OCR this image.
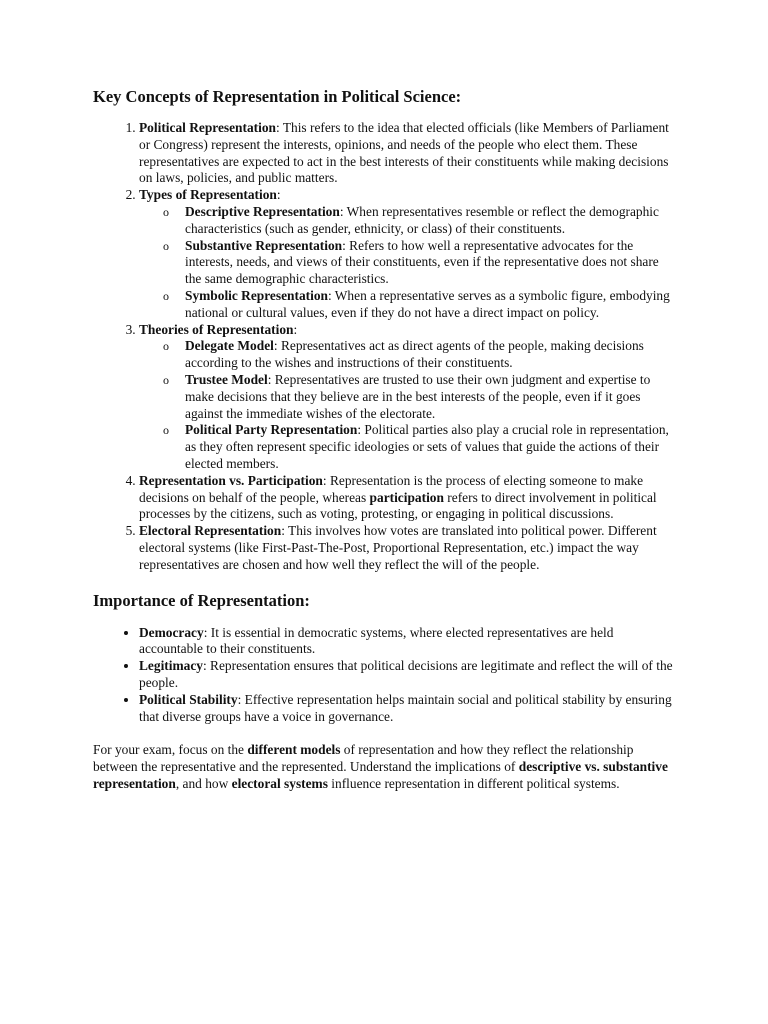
Key Concepts of Representation in Political Science:
1. Political Representation: This refers to the idea that elected officials (like Members of Parliament or Congress) represent the interests, opinions, and needs of the people who elect them. These representatives are expected to act in the best interests of their constituents while making decisions on laws, policies, and public matters.
2. Types of Representation:
o Descriptive Representation: When representatives resemble or reflect the demographic characteristics (such as gender, ethnicity, or class) of their constituents.
o Substantive Representation: Refers to how well a representative advocates for the interests, needs, and views of their constituents, even if the representative does not share the same demographic characteristics.
o Symbolic Representation: When a representative serves as a symbolic figure, embodying national or cultural values, even if they do not have a direct impact on policy.
3. Theories of Representation:
o Delegate Model: Representatives act as direct agents of the people, making decisions according to the wishes and instructions of their constituents.
o Trustee Model: Representatives are trusted to use their own judgment and expertise to make decisions that they believe are in the best interests of the people, even if it goes against the immediate wishes of the electorate.
o Political Party Representation: Political parties also play a crucial role in representation, as they often represent specific ideologies or sets of values that guide the actions of their elected members.
4. Representation vs. Participation: Representation is the process of electing someone to make decisions on behalf of the people, whereas participation refers to direct involvement in political processes by the citizens, such as voting, protesting, or engaging in political discussions.
5. Electoral Representation: This involves how votes are translated into political power. Different electoral systems (like First-Past-The-Post, Proportional Representation, etc.) impact the way representatives are chosen and how well they reflect the will of the people.
Importance of Representation:
• Democracy: It is essential in democratic systems, where elected representatives are held accountable to their constituents.
• Legitimacy: Representation ensures that political decisions are legitimate and reflect the will of the people.
• Political Stability: Effective representation helps maintain social and political stability by ensuring that diverse groups have a voice in governance.

For your exam, focus on the different models of representation and how they reflect the relationship between the representative and the represented. Understand the implications of descriptive vs. substantive representation, and how electoral systems influence representation in different political systems.
